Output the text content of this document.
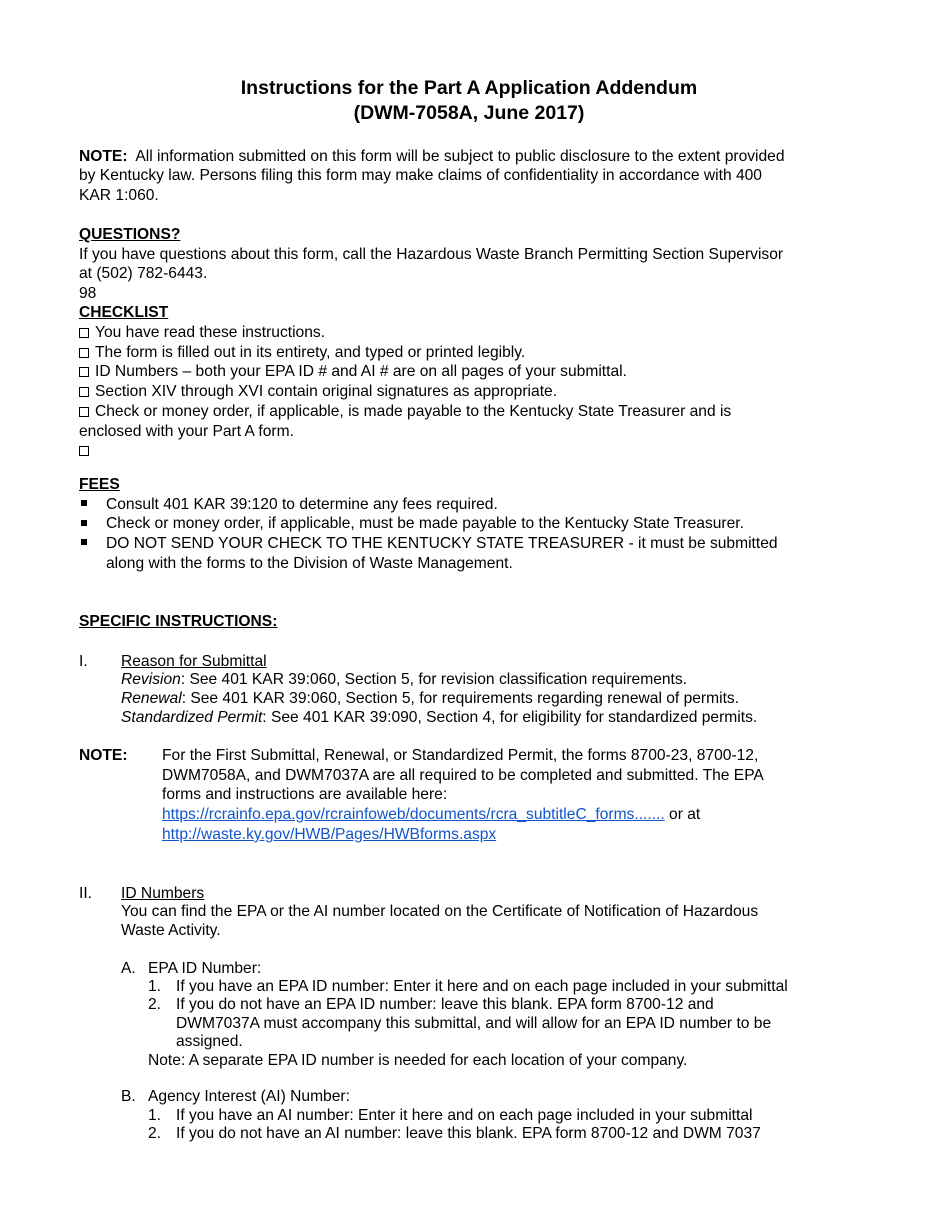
Instructions for the Part A Application Addendum
(DWM-7058A, June 2017)
NOTE: All information submitted on this form will be subject to public disclosure to the extent provided
by Kentucky law. Persons filing this form may make claims of confidentiality in accordance with 400
KAR 1:060.
QUESTIONS?
If you have questions about this form, call the Hazardous Waste Branch Permitting Section Supervisor
at (502) 782-6443.
98
CHECKLIST
You have read these instructions.
The form is filled out in its entirety, and typed or printed legibly.
ID Numbers – both your EPA ID # and AI # are on all pages of your submittal.
Section XIV through XVI contain original signatures as appropriate.
Check or money order, if applicable, is made payable to the Kentucky State Treasurer and is
enclosed with your Part A form.
FEES
Consult 401 KAR 39:120 to determine any fees required.
Check or money order, if applicable, must be made payable to the Kentucky State Treasurer.
DO NOT SEND YOUR CHECK TO THE KENTUCKY STATE TREASURER - it must be submitted
along with the forms to the Division of Waste Management.
SPECIFIC INSTRUCTIONS:
I. Reason for Submittal
Revision: See 401 KAR 39:060, Section 5, for revision classification requirements.
Renewal: See 401 KAR 39:060, Section 5, for requirements regarding renewal of permits.
Standardized Permit: See 401 KAR 39:090, Section 4, for eligibility for standardized permits.
NOTE: For the First Submittal, Renewal, or Standardized Permit, the forms 8700-23, 8700-12,
DWM7058A, and DWM7037A are all required to be completed and submitted. The EPA
forms and instructions are available here:
https://rcrainfo.epa.gov/rcrainfoweb/documents/rcra_subtitleC_forms....... or at
http://waste.ky.gov/HWB/Pages/HWBforms.aspx
II. ID Numbers
You can find the EPA or the AI number located on the Certificate of Notification of Hazardous
Waste Activity.
A. EPA ID Number:
1. If you have an EPA ID number: Enter it here and on each page included in your submittal
2. If you do not have an EPA ID number: leave this blank. EPA form 8700-12 and
DWM7037A must accompany this submittal, and will allow for an EPA ID number to be
assigned.
Note: A separate EPA ID number is needed for each location of your company.
B. Agency Interest (AI) Number:
1. If you have an AI number: Enter it here and on each page included in your submittal
2. If you do not have an AI number: leave this blank. EPA form 8700-12 and DWM 7037
